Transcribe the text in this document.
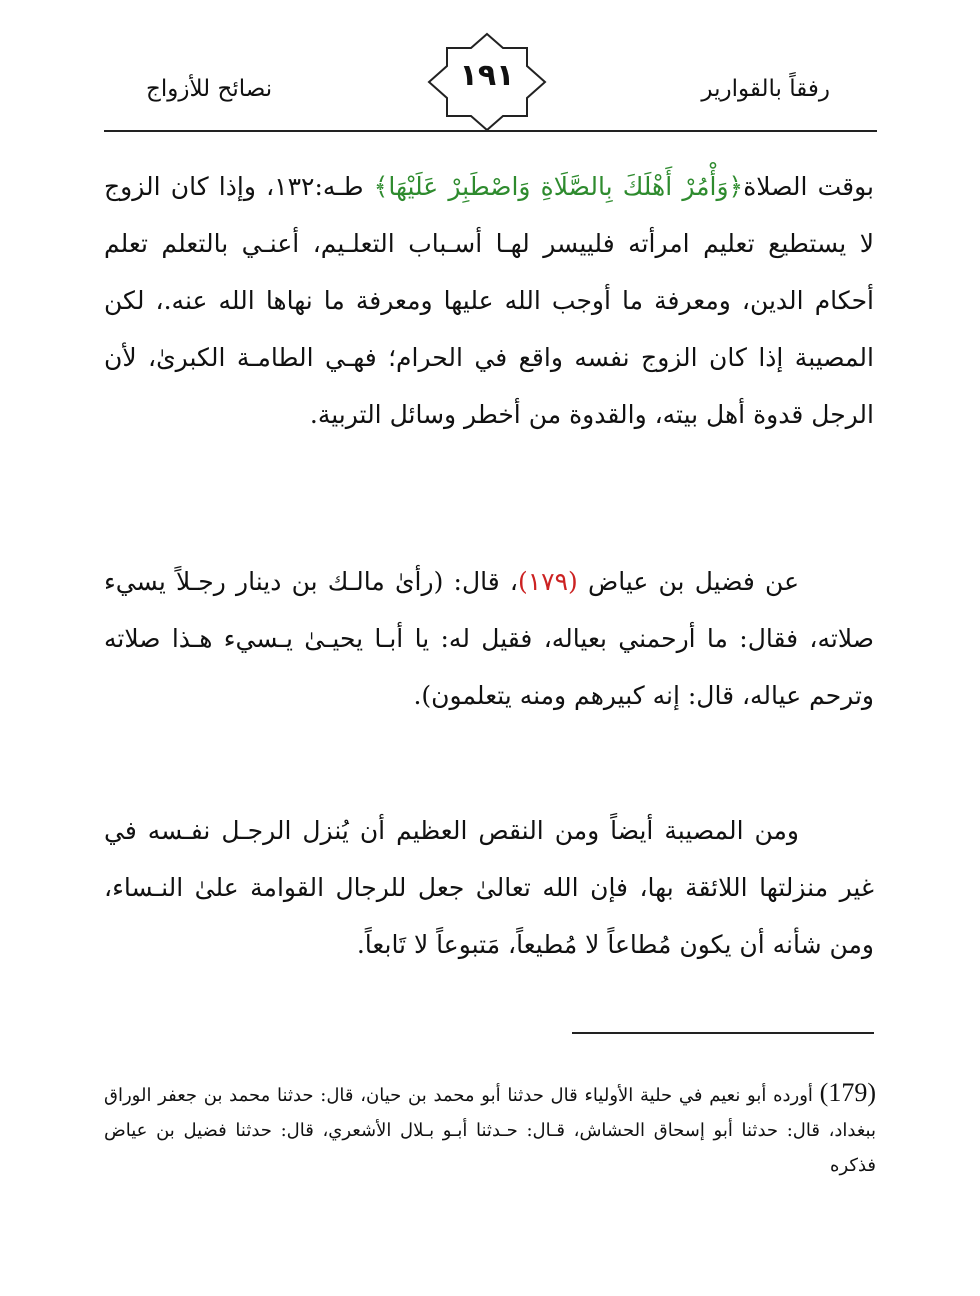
رفقاً بالقوارير
١٩١
نصائح للأزواج
بوقت الصلاة﴿وَأْمُرْ أَهْلَكَ بِالصَّلَاةِ وَاصْطَبِرْ عَلَيْهَا﴾ طـه:١٣٢، وإذا كان الزوج لا يستطيع تعليم امرأته فلييسر لهـا أسـباب التعلـيم، أعنـي بالتعلم تعلم أحكام الدين، ومعرفة ما أوجب الله عليها ومعرفة ما نهاها الله عنه.، لكن المصيبة إذا كان الزوج نفسه واقع في الحرام؛ فهـي الطامـة الكبرىٰ، لأن الرجل قدوة أهل بيته، والقدوة من أخطر وسائل التربية.
عن فضيل بن عياض (١٧٩)، قال: (رأىٰ مالـك بن دينار رجـلاً يسيء صلاته، فقال: ما أرحمني بعياله، فقيل له: يا أبـا يحيـىٰ يـسيء هـذا صلاته وترحم عياله، قال: إنه كبيرهم ومنه يتعلمون).
ومن المصيبة أيضاً ومن النقص العظيم أن يُنزل الرجـل نفـسه في غير منزلتها اللائقة بها، فإن الله تعالىٰ جعل للرجال القوامة علىٰ النـساء، ومن شأنه أن يكون مُطاعاً لا مُطيعاً، مَتبوعاً لا تَابعاً.
(179) أورده أبو نعيم في حلية الأولياء قال حدثنا أبو محمد بن حيان، قال: حدثنا محمد بن جعفر الوراق ببغداد، قال: حدثنا أبو إسحاق الحشاش، قـال: حـدثنا أبـو بـلال الأشعري، قال: حدثنا فضيل بن عياض فذكره
